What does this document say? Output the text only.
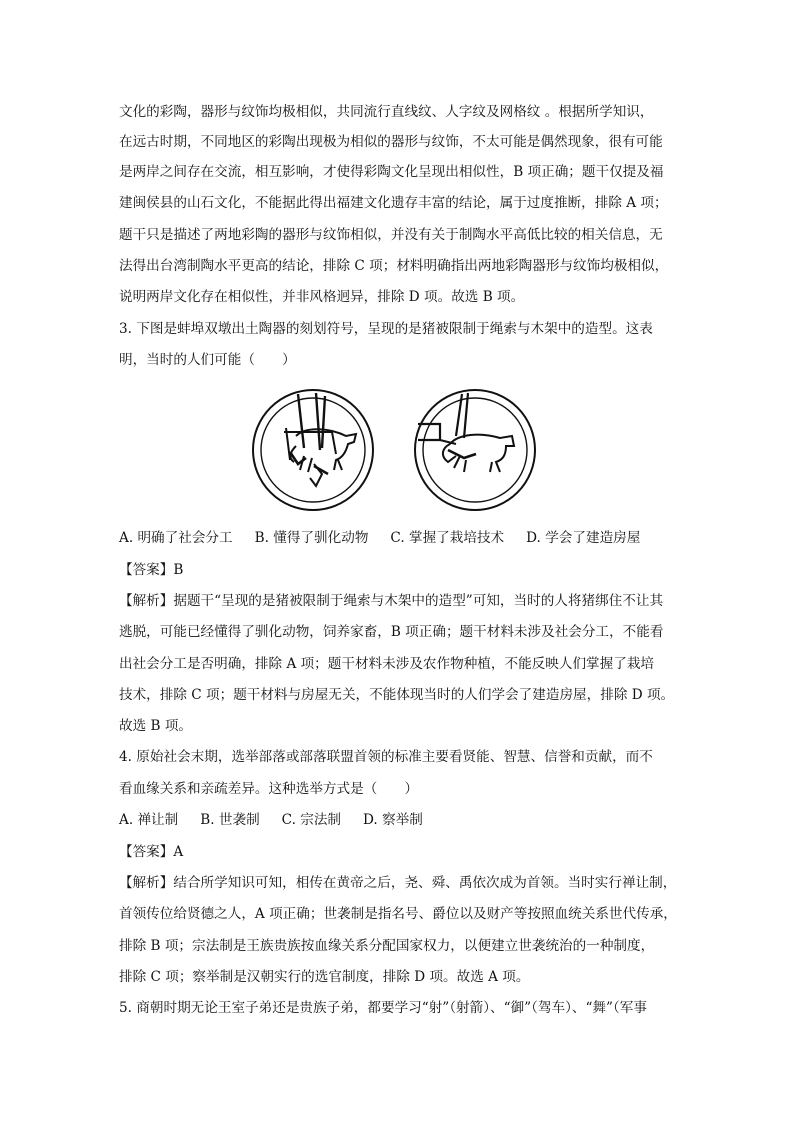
文化的彩陶，器形与纹饰均极相似，共同流行直线纹、人字纹及网格纹 。根据所学知识，
在远古时期，不同地区的彩陶出现极为相似的器形与纹饰，不太可能是偶然现象，很有可能
是两岸之间存在交流，相互影响，才使得彩陶文化呈现出相似性，B 项正确；题干仅提及福
建闽侯县的山石文化，不能据此得出福建文化遗存丰富的结论，属于过度推断，排除 A 项；
题干只是描述了两地彩陶的器形与纹饰相似，并没有关于制陶水平高低比较的相关信息，无
法得出台湾制陶水平更高的结论，排除 C 项；材料明确指出两地彩陶器形与纹饰均极相似，
说明两岸文化存在相似性，并非风格迥异，排除 D 项。故选 B 项。
3. 下图是蚌埠双墩出土陶器的刻划符号，呈现的是猪被限制于绳索与木架中的造型。这表
明，当时的人们可能（　　）
A. 明确了社会分工 B. 懂得了驯化动物 C. 掌握了栽培技术 D. 学会了建造房屋
【答案】B
【解析】据题干“呈现的是猪被限制于绳索与木架中的造型”可知，当时的人将猪绑住不让其
逃脱，可能已经懂得了驯化动物，饲养家畜，B 项正确；题干材料未涉及社会分工，不能看
出社会分工是否明确，排除 A 项；题干材料未涉及农作物种植，不能反映人们掌握了栽培
技术，排除 C 项；题干材料与房屋无关，不能体现当时的人们学会了建造房屋，排除 D 项。
故选 B 项。
4. 原始社会末期，选举部落或部落联盟首领的标准主要看贤能、智慧、信誉和贡献，而不
看血缘关系和亲疏差异。这种选举方式是（　　）
A. 禅让制 B. 世袭制 C. 宗法制 D. 察举制
【答案】A
【解析】结合所学知识可知，相传在黄帝之后，尧、舜、禹依次成为首领。当时实行禅让制，
首领传位给贤德之人，A 项正确；世袭制是指名号、爵位以及财产等按照血统关系世代传承，
排除 B 项；宗法制是王族贵族按血缘关系分配国家权力，以便建立世袭统治的一种制度，
排除 C 项；察举制是汉朝实行的选官制度，排除 D 项。故选 A 项。
5. 商朝时期无论王室子弟还是贵族子弟，都要学习“射”（射箭）、“御”（驾车）、“舞”（军事
